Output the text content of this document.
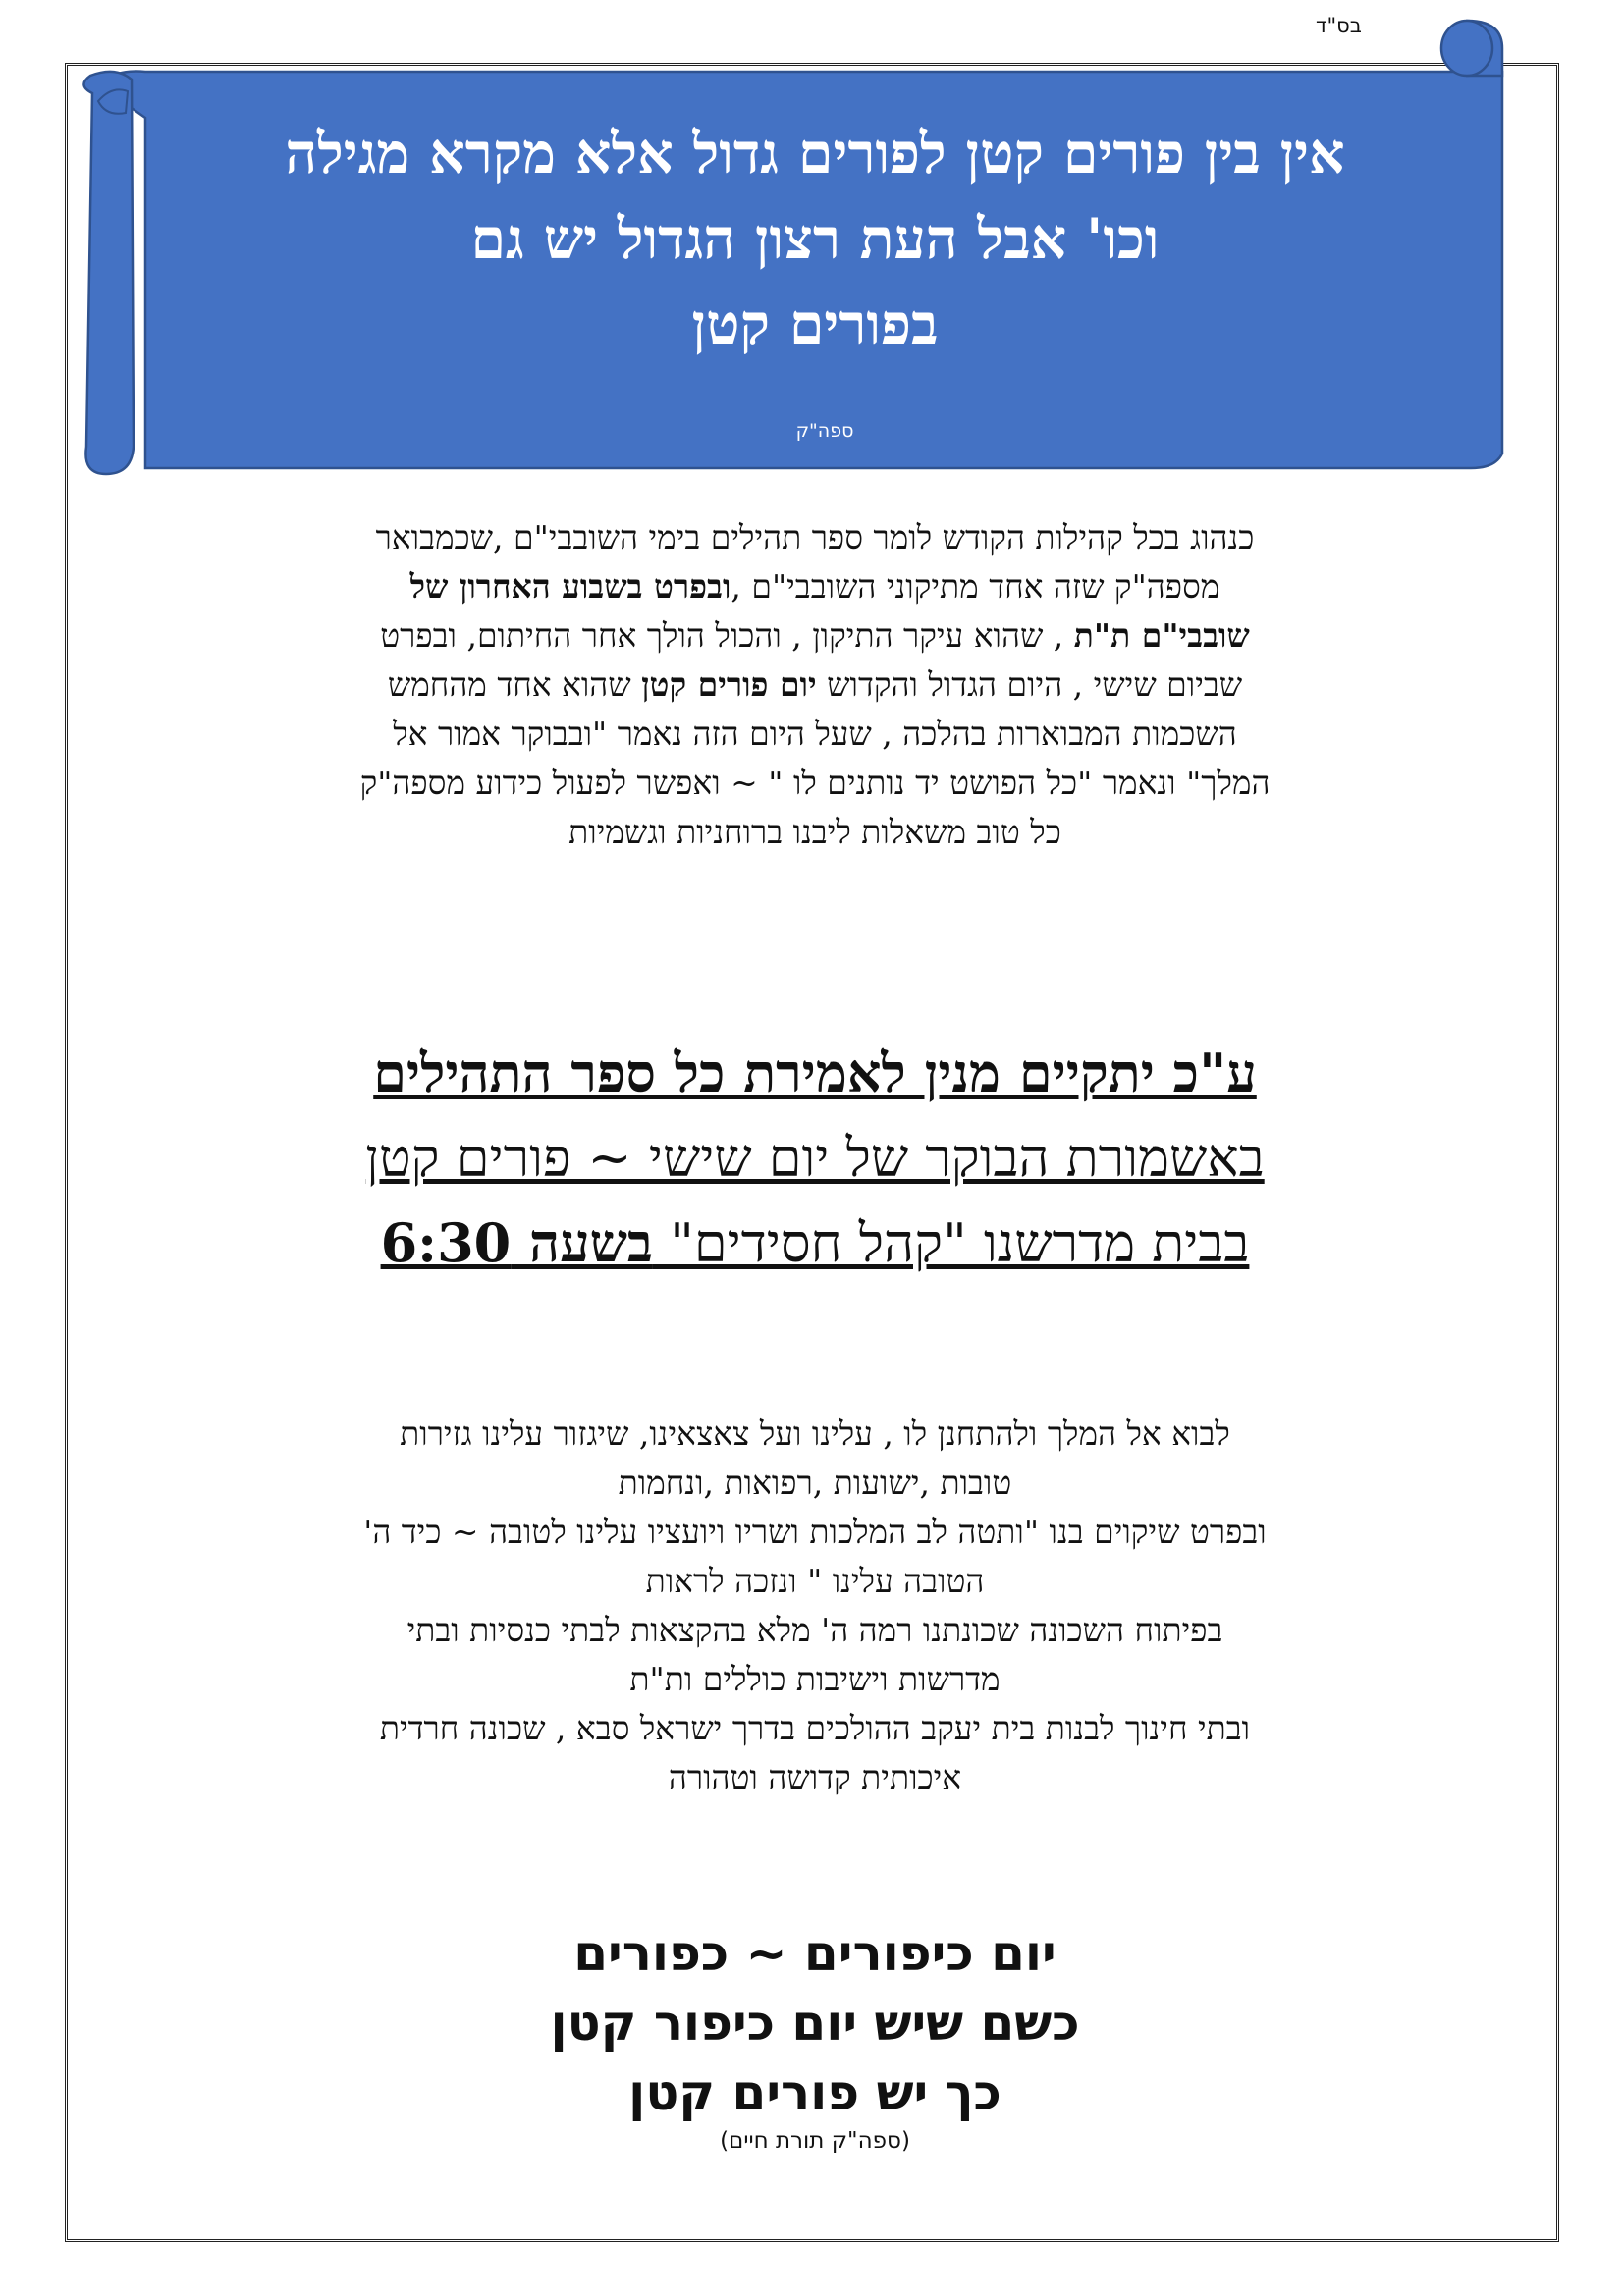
בס"ד
אין בין פורים קטן לפורים גדול אלא מקרא מגילה
וכו' אבל העת רצון הגדול יש גם
בפורים קטן
ספה"ק
כנהוג בכל קהילות הקודש לומר ספר תהילים בימי השובבי"ם ,שכמבואר
מספה"ק שזה אחד מתיקוני השובבי"ם ,ובפרט בשבוע האחרון של
שובבי"ם ת"ת , שהוא עיקר התיקון , והכול הולך אחר החיתום, ובפרט
שביום שישי , היום הגדול והקדוש יום פורים קטן שהוא אחד מהחמש
השכמות המבוארות בהלכה , שעל היום הזה נאמר "ובבוקר אמור אל
המלך" ונאמר "כל הפושט יד נותנים לו " ~ ואפשר לפעול כידוע מספה"ק
כל טוב משאלות ליבנו ברוחניות וגשמיות
ע"כ יתקיים מנין לאמירת כל ספר התהילים
באשמורת הבוקר של יום שישי ~ פורים קטן
בבית מדרשנו "קהל חסידים" בשעה 6:30
לבוא אל המלך ולהתחנן לו , עלינו ועל צאצאינו, שיגזור עלינו גזירות
טובות ,ישועות ,רפואות ,ונחמות
ובפרט שיקוים בנו "ותטה לב המלכות ושריו ויועציו עלינו לטובה ~ כיד ה'
הטובה עלינו " ונזכה לראות
בפיתוח השכונה שכונתנו רמה ה' מלא בהקצאות לבתי כנסיות ובתי
מדרשות וישיבות כוללים ות"ת
ובתי חינוך לבנות בית יעקב ההולכים בדרך ישראל סבא , שכונה חרדית
איכותית קדושה וטהורה
יום כיפורים ~ כפורים
כשם שיש יום כיפור קטן
כך יש פורים קטן
(ספה"ק תורת חיים)
